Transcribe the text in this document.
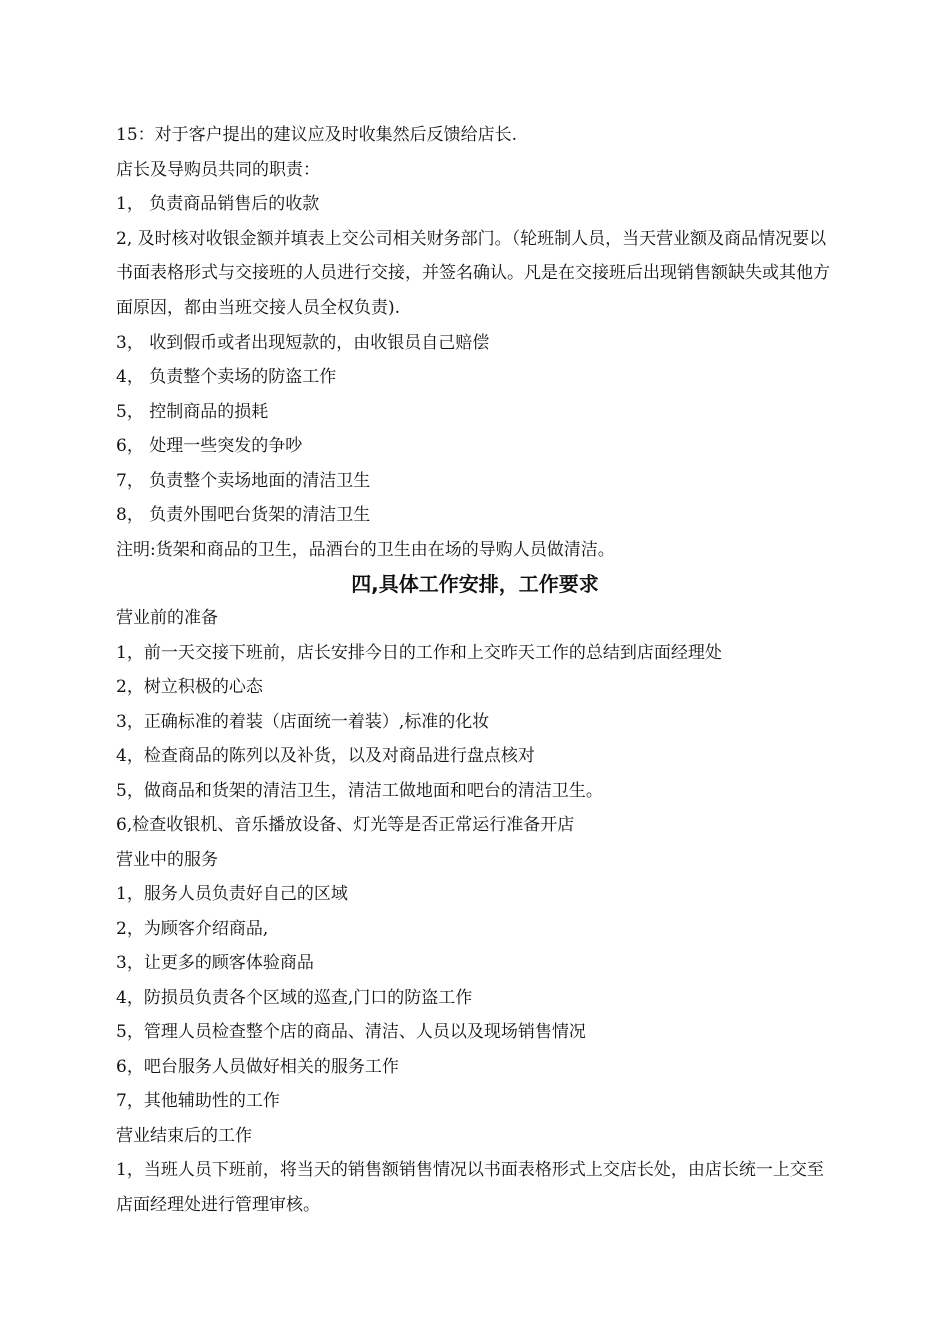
15：对于客户提出的建议应及时收集然后反馈给店长.
店长及导购员共同的职责：
1， 负责商品销售后的收款
2, 及时核对收银金额并填表上交公司相关财务部门。（轮班制人员，当天营业额及商品情况要以书面表格形式与交接班的人员进行交接，并签名确认。凡是在交接班后出现销售额缺失或其他方面原因，都由当班交接人员全权负责).
3， 收到假币或者出现短款的，由收银员自己赔偿
4， 负责整个卖场的防盗工作
5， 控制商品的损耗
6， 处理一些突发的争吵
7， 负责整个卖场地面的清洁卫生
8， 负责外围吧台货架的清洁卫生
注明:货架和商品的卫生，品酒台的卫生由在场的导购人员做清洁。
四,具体工作安排，工作要求
营业前的准备
1，前一天交接下班前，店长安排今日的工作和上交昨天工作的总结到店面经理处
2，树立积极的心态
3，正确标准的着装（店面统一着装）,标准的化妆
4，检查商品的陈列以及补货，以及对商品进行盘点核对
5，做商品和货架的清洁卫生，清洁工做地面和吧台的清洁卫生。
6,检查收银机、音乐播放设备、灯光等是否正常运行准备开店
营业中的服务
1，服务人员负责好自己的区域
2，为顾客介绍商品,
3，让更多的顾客体验商品
4，防损员负责各个区域的巡查,门口的防盗工作
5，管理人员检查整个店的商品、清洁、人员以及现场销售情况
6，吧台服务人员做好相关的服务工作
7，其他辅助性的工作
营业结束后的工作
1，当班人员下班前，将当天的销售额销售情况以书面表格形式上交店长处，由店长统一上交至店面经理处进行管理审核。
